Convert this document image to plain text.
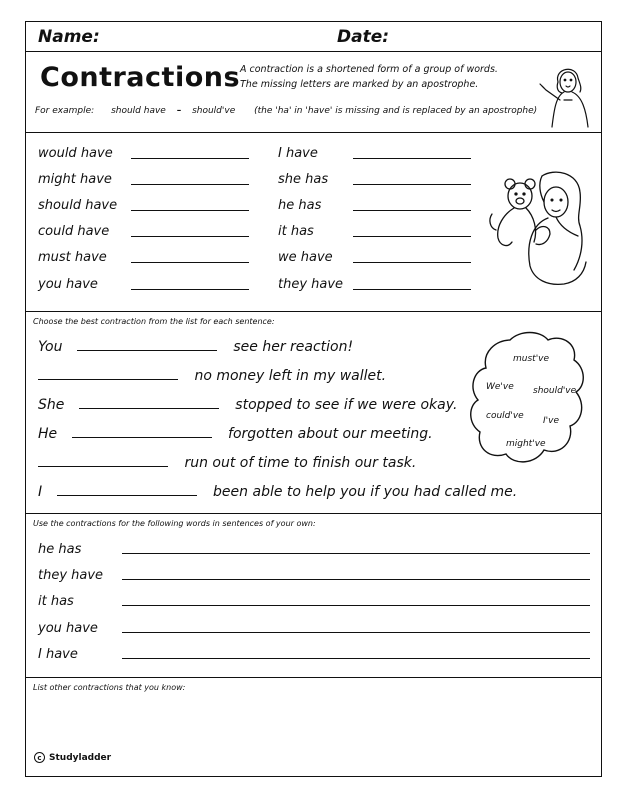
Name:	Date:
Contractions A contraction is a shortened form of a group of words.
The missing letters are marked by an apostrophe.
For example: should have – should've (the 'ha' in 'have' is missing and is replaced by an apostrophe)
would have
might have
should have
could have
must have
you have
I have
she has
he has
it has
we have
they have
Choose the best contraction from the list for each sentence:
You	see her reaction!
no money left in my wallet.
She	stopped to see if we were okay.
He	forgotten about our meeting.
run out of time to finish our task.
I	been able to help you if you had called me.
must've
We've should've
could've I've
might've
Use the contractions for the following words in sentences of your own:
he has
they have
it has
you have
I have
List other contractions that you know:
c Studyladder
